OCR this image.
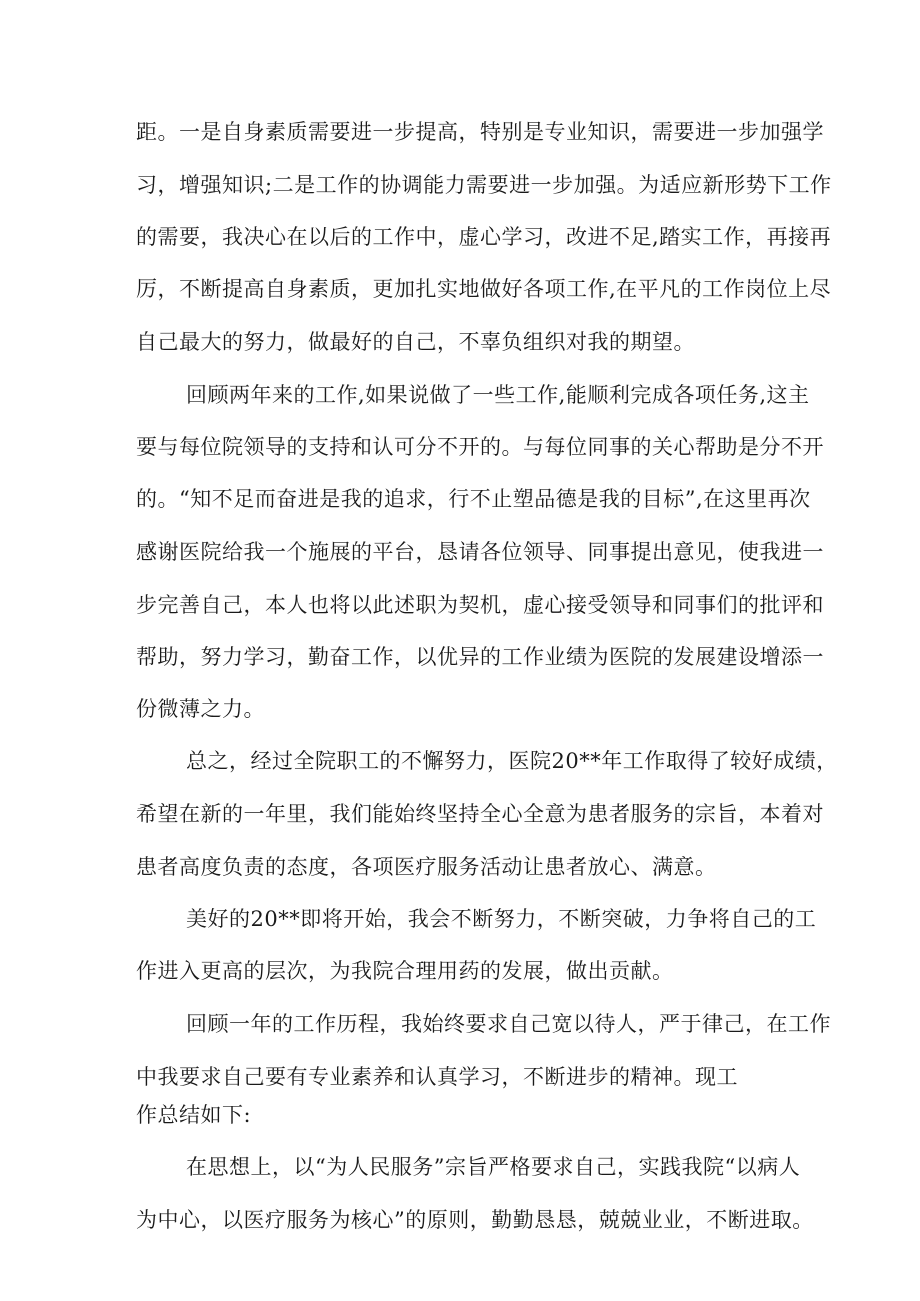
距。一是自身素质需要进一步提高，特别是专业知识，需要进一步加强学
习，增强知识;二是工作的协调能力需要进一步加强。为适应新形势下工作
的需要，我决心在以后的工作中，虚心学习，改进不足,踏实工作，再接再
厉，不断提高自身素质，更加扎实地做好各项工作,在平凡的工作岗位上尽
自己最大的努力，做最好的自己，不辜负组织对我的期望。
回顾两年来的工作,如果说做了一些工作,能顺利完成各项任务,这主
要与每位院领导的支持和认可分不开的。与每位同事的关心帮助是分不开
的。“知不足而奋进是我的追求，行不止塑品德是我的目标”,在这里再次
感谢医院给我一个施展的平台，恳请各位领导、同事提出意见，使我进一
步完善自己，本人也将以此述职为契机，虚心接受领导和同事们的批评和
帮助，努力学习，勤奋工作，以优异的工作业绩为医院的发展建设增添一
份微薄之力。
总之，经过全院职工的不懈努力，医院20**年工作取得了较好成绩，
希望在新的一年里，我们能始终坚持全心全意为患者服务的宗旨，本着对
患者高度负责的态度，各项医疗服务活动让患者放心、满意。
美好的20**即将开始，我会不断努力，不断突破，力争将自己的工
作进入更高的层次，为我院合理用药的发展，做出贡献。
回顾一年的工作历程，我始终要求自己宽以待人，严于律己，在工作
中我要求自己要有专业素养和认真学习，不断进步的精神。现工
作总结如下:
在思想上，以“为人民服务”宗旨严格要求自己，实践我院“以病人
为中心，以医疗服务为核心”的原则，勤勤恳恳，兢兢业业，不断进取。
